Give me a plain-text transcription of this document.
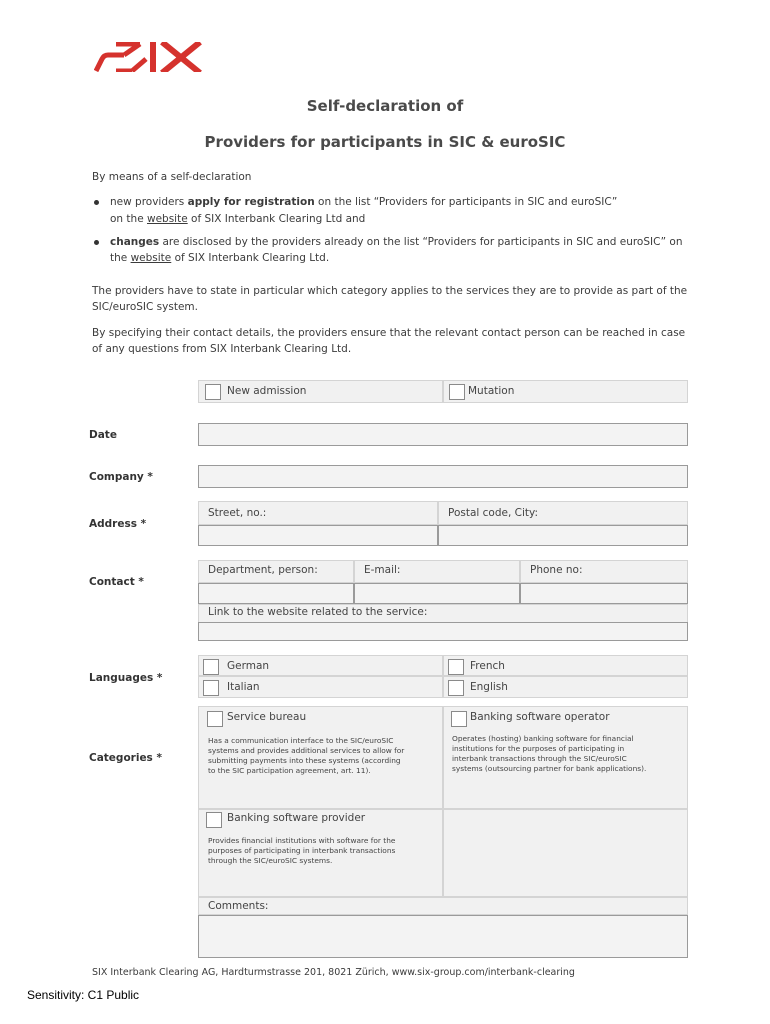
Self-declaration of
Providers for participants in SIC & euroSIC
By means of a self-declaration
new providers apply for registration on the list “Providers for participants in SIC and euroSIC”
on the website of SIX Interbank Clearing Ltd and
changes are disclosed by the providers already on the list “Providers for participants in SIC and euroSIC” on
the website of SIX Interbank Clearing Ltd.
The providers have to state in particular which category applies to the services they are to provide as part of the
SIC/euroSIC system.
By specifying their contact details, the providers ensure that the relevant contact person can be reached in case
of any questions from SIX Interbank Clearing Ltd.
New admission	Mutation
Date
Company *
Address *
Street, no.:	Postal code, City:
Contact *
Department, person:	E-mail:	Phone no:
Link to the website related to the service:
Languages *
German	French
Italian	English
Categories *
Service bureau
Has a communication interface to the SIC/euroSIC
systems and provides additional services to allow for
submitting payments into these systems (according
to the SIC participation agreement, art. 11).
Banking software operator
Operates (hosting) banking software for financial
institutions for the purposes of participating in
interbank transactions through the SIC/euroSIC
systems (outsourcing partner for bank applications).
Banking software provider
Provides financial institutions with software for the
purposes of participating in interbank transactions
through the SIC/euroSIC systems.
Comments:
SIX Interbank Clearing AG, Hardturmstrasse 201, 8021 Zürich, www.six-group.com/interbank-clearing
Sensitivity: C1 Public
